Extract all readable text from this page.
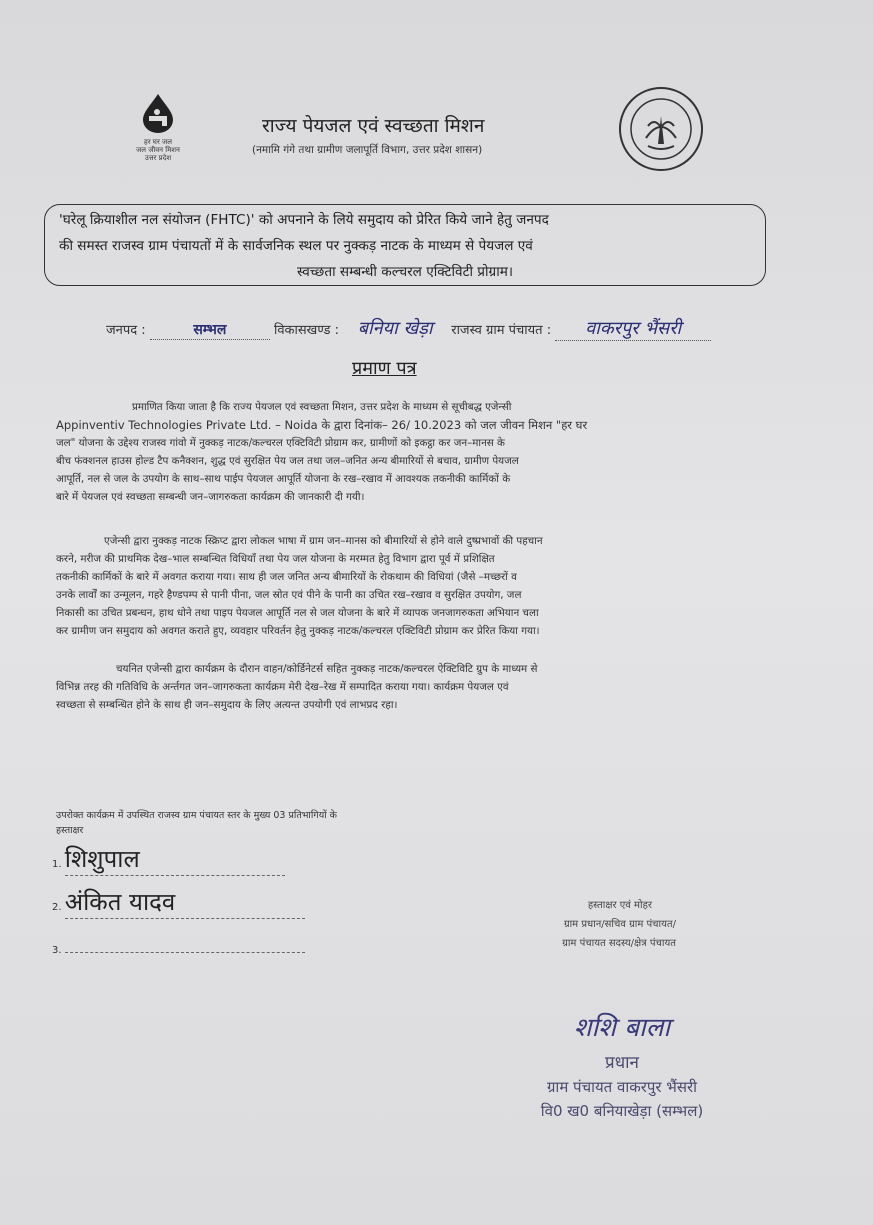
हर घर जल
जल जीवन मिशन
उत्तर प्रदेश
राज्य पेयजल एवं स्वच्छता मिशन
(नमामि गंगे तथा ग्रामीण जलापूर्ति विभाग, उत्तर प्रदेश शासन)
'घरेलू क्रियाशील नल संयोजन (FHTC)' को अपनाने के लिये समुदाय को प्रेरित किये जाने हेतु जनपद
की समस्त राजस्व ग्राम पंचायतों में के सार्वजनिक स्थल पर नुक्कड़ नाटक के माध्यम से पेयजल एवं
स्वच्छता सम्बन्धी कल्चरल एक्टिविटी प्रोग्राम।
जनपद :	सम्भल	विकासखण्ड : बनिया खेड़ा राजस्व ग्राम पंचायत : वाकरपुर भैंसरी
प्रमाण पत्र
प्रमाणित किया जाता है कि राज्य पेयजल एवं स्वच्छता मिशन, उत्तर प्रदेश के माध्यम से सूचीबद्ध एजेन्सी
Appinventiv Technologies Private Ltd. – Noida के द्वारा दिनांक– 26/ 10.2023 को जल जीवन मिशन "हर घर
जल" योजना के उद्देश्य राजस्व गांवो में नुक्कड़ नाटक/कल्चरल एक्टिविटी प्रोग्राम कर, ग्रामीणों को इकट्ठा कर जन–मानस के
बीच फंक्शनल हाउस होल्ड टैप कनैक्शन, शुद्ध एवं सुरक्षित पेय जल तथा जल–जनित अन्य बीमारियों से बचाव, ग्रामीण पेयजल
आपूर्ति, नल से जल के उपयोग के साथ–साथ पाईप पेयजल आपूर्ति योजना के रख–रखाव में आवश्यक तकनीकी कार्मिकों के
बारे में पेयजल एवं स्वच्छता सम्बन्धी जन–जागरुकता कार्यक्रम की जानकारी दी गयी।
एजेन्सी द्वारा नुक्कड़ नाटक स्क्रिप्ट द्वारा लोकल भाषा में ग्राम जन–मानस को बीमारियों से होने वाले दुष्प्रभावों की पहचान
करने, मरीज की प्राथमिक देख–भाल सम्बन्धित विधियाँ तथा पेय जल योजना के मरम्मत हेतु विभाग द्वारा पूर्व में प्रशिक्षित
तकनीकी कार्मिकों के बारे में अवगत कराया गया। साथ ही जल जनित अन्य बीमारियों के रोकथाम की विधियां (जैसे –मच्छरों व
उनके लार्वों का उन्मूलन, गहरे हैण्डपम्प से पानी पीना, जल स्रोत एवं पीने के पानी का उचित रख–रखाव व सुरक्षित उपयोग, जल
निकासी का उचित प्रबन्धन, हाथ धोने तथा पाइप पेयजल आपूर्ति नल से जल योजना के बारे में व्यापक जनजागरुकता अभियान चला
कर ग्रामीण जन समुदाय को अवगत कराते हुए, व्यवहार परिवर्तन हेतु नुक्कड़ नाटक/कल्चरल एक्टिविटी प्रोग्राम कर प्रेरित किया गया।
चयनित एजेन्सी द्वारा कार्यक्रम के दौरान वाहन/कोर्डिनेटर्स सहित नुक्कड़ नाटक/कल्चरल ऐक्टिविटि ग्रुप के माध्यम से
विभिन्न तरह की गतिविधि के अर्न्तगत जन–जागरुकता कार्यक्रम मेरी देख–रेख में सम्पादित कराया गया। कार्यक्रम पेयजल एवं
स्वच्छता से सम्बन्धित होने के साथ ही जन–समुदाय के लिए अत्यन्त उपयोगी एवं लाभप्रद रहा।
उपरोक्त कार्यक्रम में उपस्थित राजस्व ग्राम पंचायत स्तर के मुख्य 03 प्रतिभागियों के
हस्ताक्षर
1. शिशुपाल
2. अंकित यादव
3.
हस्ताक्षर एवं मोहर
ग्राम प्रधान/सचिव ग्राम पंचायत/
ग्राम पंचायत सदस्य/क्षेत्र पंचायत
शशि बाला
प्रधान
ग्राम पंचायत वाकरपुर भैंसरी
वि0 ख0 बनियाखेड़ा (सम्भल)
